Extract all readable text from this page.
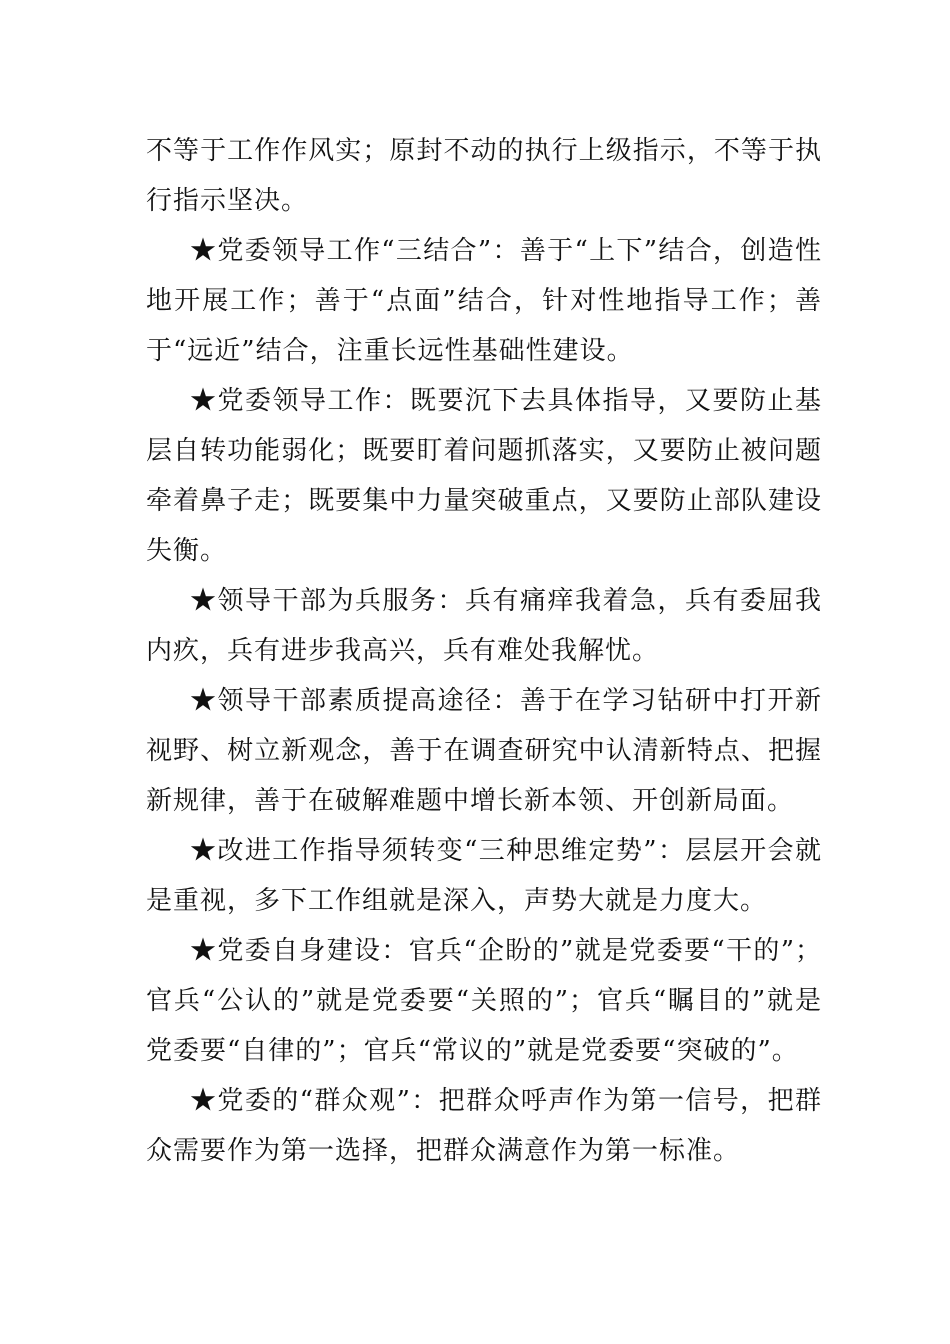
不等于工作作风实；原封不动的执行上级指示，不等于执行指示坚决。

★党委领导工作“三结合”：善于“上下”结合，创造性地开展工作；善于“点面”结合，针对性地指导工作；善于“远近”结合，注重长远性基础性建设。

★党委领导工作：既要沉下去具体指导，又要防止基层自转功能弱化；既要盯着问题抓落实，又要防止被问题牵着鼻子走；既要集中力量突破重点，又要防止部队建设失衡。

★领导干部为兵服务：兵有痛痒我着急，兵有委屈我内疚，兵有进步我高兴，兵有难处我解忧。

★领导干部素质提高途径：善于在学习钻研中打开新视野、树立新观念，善于在调查研究中认清新特点、把握新规律，善于在破解难题中增长新本领、开创新局面。

★改进工作指导须转变“三种思维定势”：层层开会就是重视，多下工作组就是深入，声势大就是力度大。

★党委自身建设：官兵“企盼的”就是党委要“干的”；官兵“公认的”就是党委要“关照的”；官兵“瞩目的”就是党委要“自律的”；官兵“常议的”就是党委要“突破的”。

★党委的“群众观”：把群众呼声作为第一信号，把群众需要作为第一选择，把群众满意作为第一标准。
